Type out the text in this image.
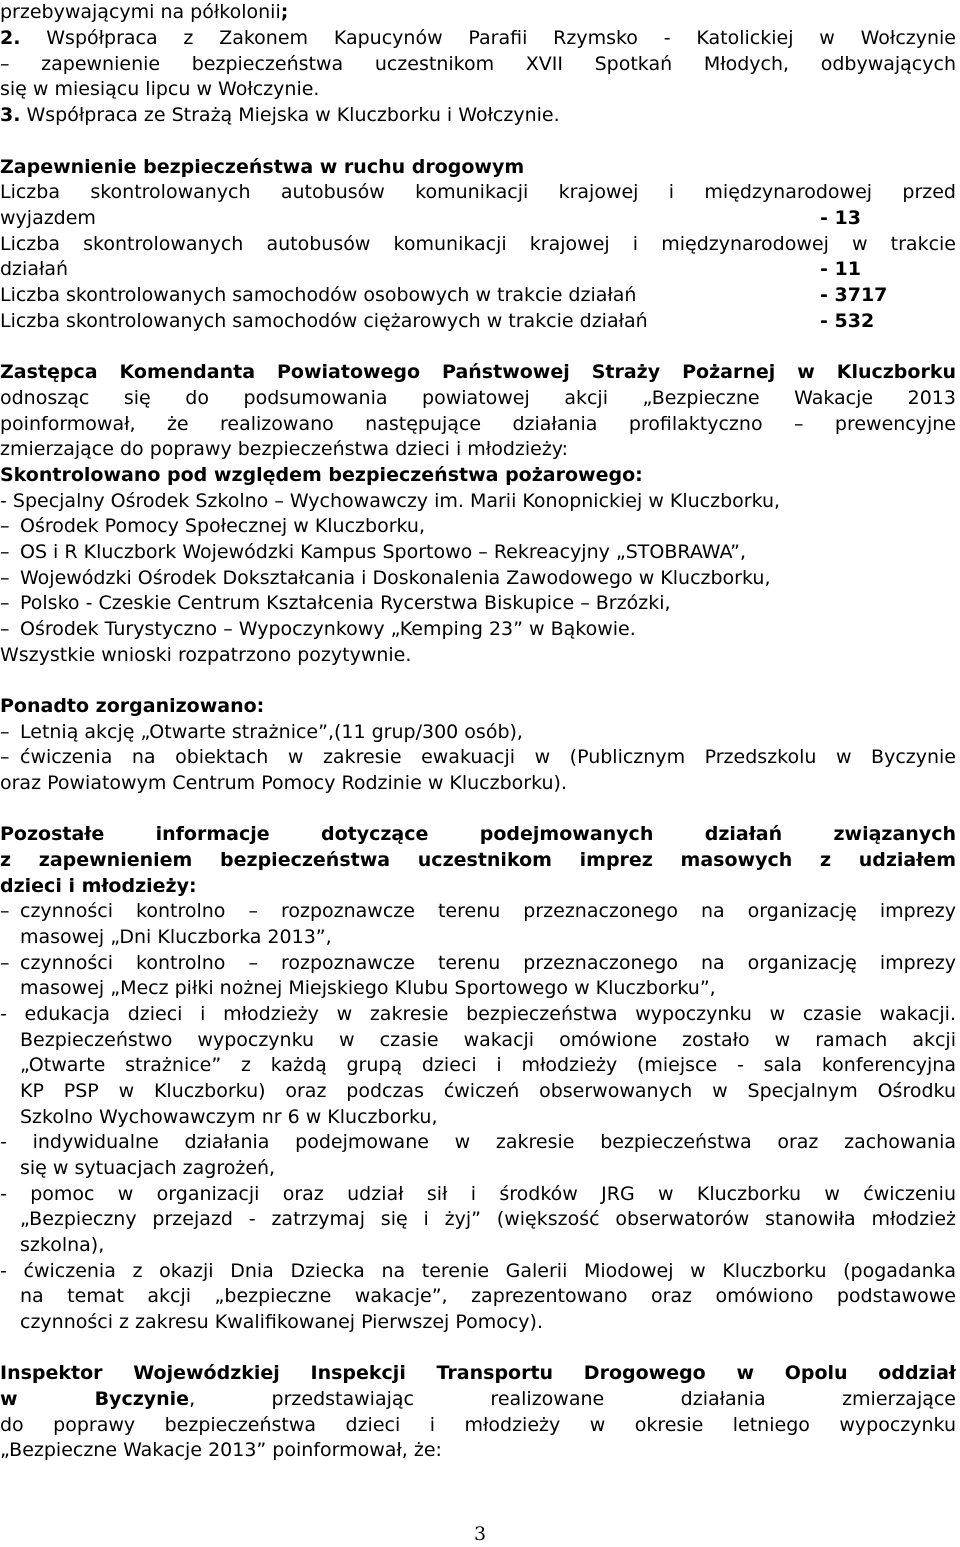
przebywającymi na półkolonii;
2. Współpraca z Zakonem Kapucynów Parafii Rzymsko - Katolickiej w Wołczynie
– zapewnienie bezpieczeństwa uczestnikom XVII Spotkań Młodych, odbywających
się w miesiącu lipcu w Wołczynie.
3. Współpraca ze Strażą Miejska w Kluczborku i Wołczynie.
Zapewnienie bezpieczeństwa w ruchu drogowym
Liczba skontrolowanych autobusów komunikacji krajowej i międzynarodowej przed
wyjazdem	- 13
Liczba skontrolowanych autobusów komunikacji krajowej i międzynarodowej w trakcie
działań	- 11
Liczba skontrolowanych samochodów osobowych w trakcie działań	- 3717
Liczba skontrolowanych samochodów ciężarowych w trakcie działań	- 532
Zastępca Komendanta Powiatowego Państwowej Straży Pożarnej w Kluczborku
odnosząc się do podsumowania powiatowej akcji „Bezpieczne Wakacje 2013
poinformował, że realizowano następujące działania profilaktyczno – prewencyjne
zmierzające do poprawy bezpieczeństwa dzieci i młodzieży:
Skontrolowano pod względem bezpieczeństwa pożarowego:
- Specjalny Ośrodek Szkolno – Wychowawczy im. Marii Konopnickiej w Kluczborku,
– Ośrodek Pomocy Społecznej w Kluczborku,
– OS i R Kluczbork Wojewódzki Kampus Sportowo – Rekreacyjny „STOBRAWA”,
– Wojewódzki Ośrodek Dokształcania i Doskonalenia Zawodowego w Kluczborku,
– Polsko - Czeskie Centrum Kształcenia Rycerstwa Biskupice – Brzózki,
– Ośrodek Turystyczno – Wypoczynkowy „Kemping 23” w Bąkowie.
Wszystkie wnioski rozpatrzono pozytywnie.
Ponadto zorganizowano:
– Letnią akcję „Otwarte strażnice”,(11 grup/300 osób),
– ćwiczenia na obiektach w zakresie ewakuacji w (Publicznym Przedszkolu w Byczynie
oraz Powiatowym Centrum Pomocy Rodzinie w Kluczborku).
Pozostałe informacje dotyczące podejmowanych działań związanych
z zapewnieniem bezpieczeństwa uczestnikom imprez masowych z udziałem
dzieci i młodzieży:
– czynności kontrolno – rozpoznawcze terenu przeznaczonego na organizację imprezy
masowej „Dni Kluczborka 2013”,
– czynności kontrolno – rozpoznawcze terenu przeznaczonego na organizację imprezy
masowej „Mecz piłki nożnej Miejskiego Klubu Sportowego w Kluczborku”,
- edukacja dzieci i młodzieży w zakresie bezpieczeństwa wypoczynku w czasie wakacji.
Bezpieczeństwo wypoczynku w czasie wakacji omówione zostało w ramach akcji
„Otwarte strażnice” z każdą grupą dzieci i młodzieży (miejsce - sala konferencyjna
KP PSP w Kluczborku) oraz podczas ćwiczeń obserwowanych w Specjalnym Ośrodku
Szkolno Wychowawczym nr 6 w Kluczborku,
- indywidualne działania podejmowane w zakresie bezpieczeństwa oraz zachowania
się w sytuacjach zagrożeń,
- pomoc w organizacji oraz udział sił i środków JRG w Kluczborku w ćwiczeniu
„Bezpieczny przejazd - zatrzymaj się i żyj” (większość obserwatorów stanowiła młodzież
szkolna),
- ćwiczenia z okazji Dnia Dziecka na terenie Galerii Miodowej w Kluczborku (pogadanka
na temat akcji „bezpieczne wakacje”, zaprezentowano oraz omówiono podstawowe
czynności z zakresu Kwalifikowanej Pierwszej Pomocy).
Inspektor Wojewódzkiej Inspekcji Transportu Drogowego w Opolu oddział
w Byczynie, przedstawiając realizowane działania zmierzające
do poprawy bezpieczeństwa dzieci i młodzieży w okresie letniego wypoczynku
„Bezpieczne Wakacje 2013” poinformował, że:
3
